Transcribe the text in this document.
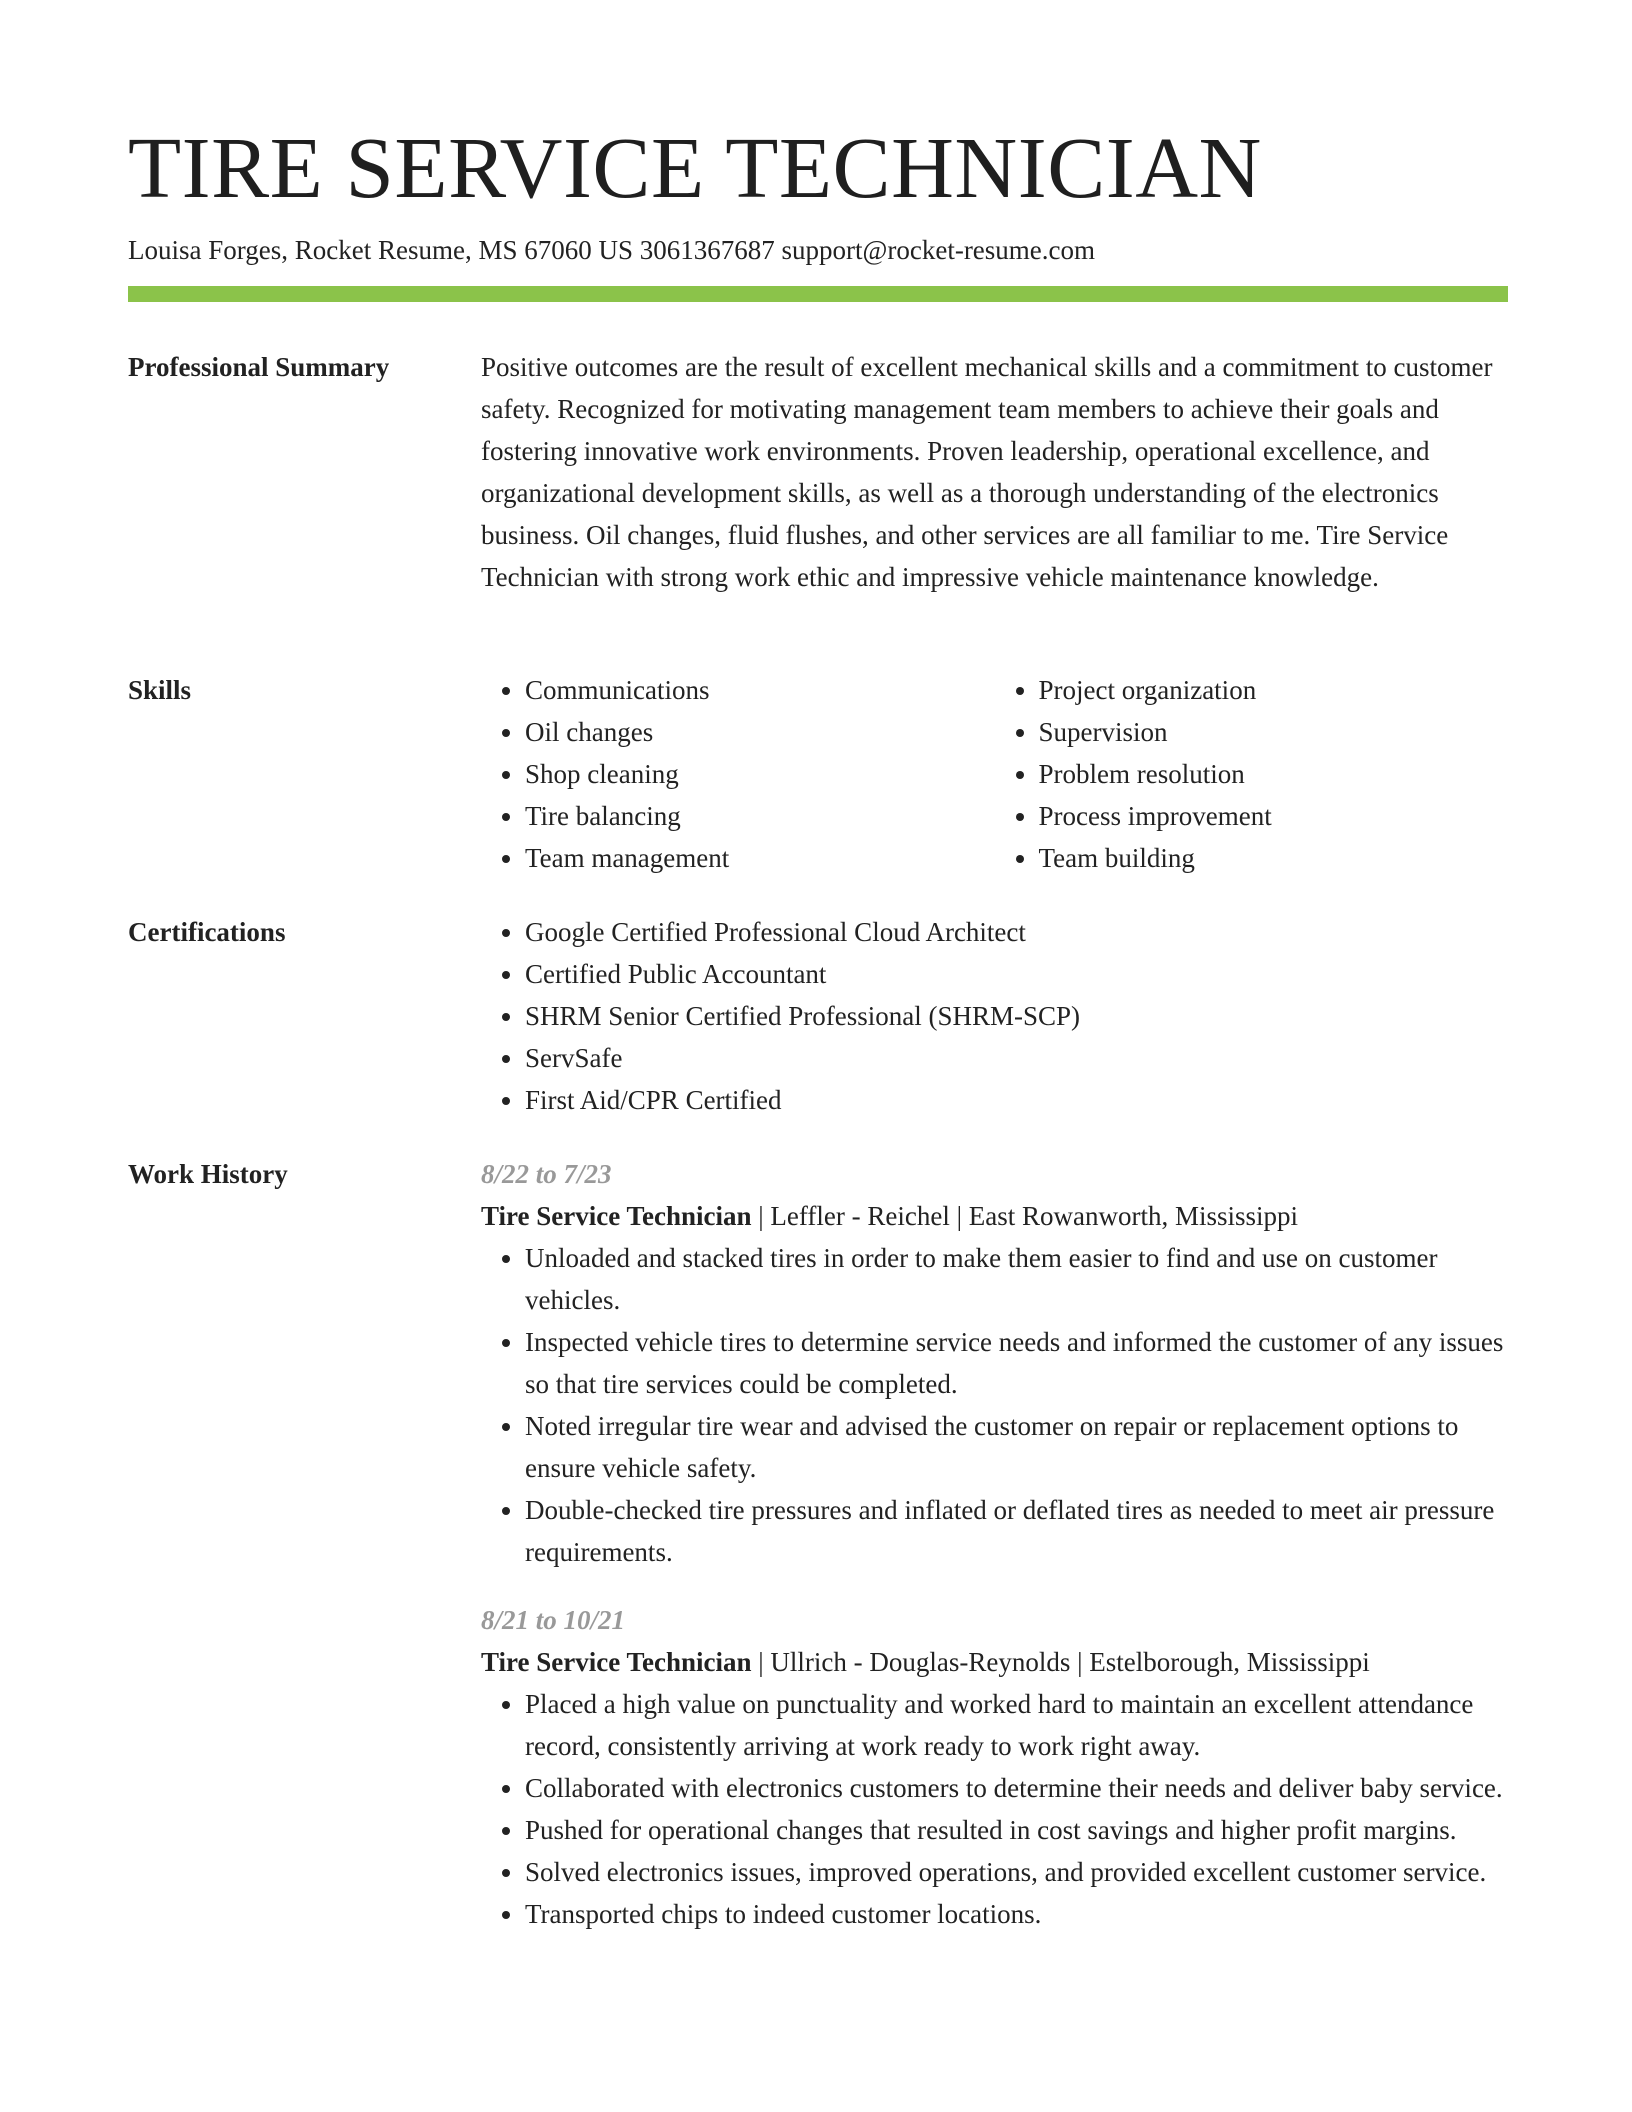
TIRE SERVICE TECHNICIAN
Louisa Forges, Rocket Resume, MS 67060 US 3061367687 support@rocket-resume.com
Professional Summary	Positive outcomes are the result of excellent mechanical skills and a commitment to customer safety. Recognized for motivating management team members to achieve their goals and fostering innovative work environments. Proven leadership, operational excellence, and organizational development skills, as well as a thorough understanding of the electronics business. Oil changes, fluid flushes, and other services are all familiar to me. Tire Service Technician with strong work ethic and impressive vehicle maintenance knowledge.

Skills	• Communications
• Oil changes
• Shop cleaning
• Tire balancing
• Team management
• Project organization
• Supervision
• Problem resolution
• Process improvement
• Team building
Certifications	• Google Certified Professional Cloud Architect
• Certified Public Accountant
• SHRM Senior Certified Professional (SHRM-SCP)
• ServSafe
• First Aid/CPR Certified
Work History	8/22 to 7/23
Tire Service Technician | Leffler - Reichel | East Rowanworth, Mississippi
• Unloaded and stacked tires in order to make them easier to find and use on customer vehicles.
• Inspected vehicle tires to determine service needs and informed the customer of any issues so that tire services could be completed.
• Noted irregular tire wear and advised the customer on repair or replacement options to ensure vehicle safety.
• Double-checked tire pressures and inflated or deflated tires as needed to meet air pressure requirements.
8/21 to 10/21
Tire Service Technician | Ullrich - Douglas-Reynolds | Estelborough, Mississippi
• Placed a high value on punctuality and worked hard to maintain an excellent attendance record, consistently arriving at work ready to work right away.
• Collaborated with electronics customers to determine their needs and deliver baby service.
• Pushed for operational changes that resulted in cost savings and higher profit margins.
• Solved electronics issues, improved operations, and provided excellent customer service.
• Transported chips to indeed customer locations.
